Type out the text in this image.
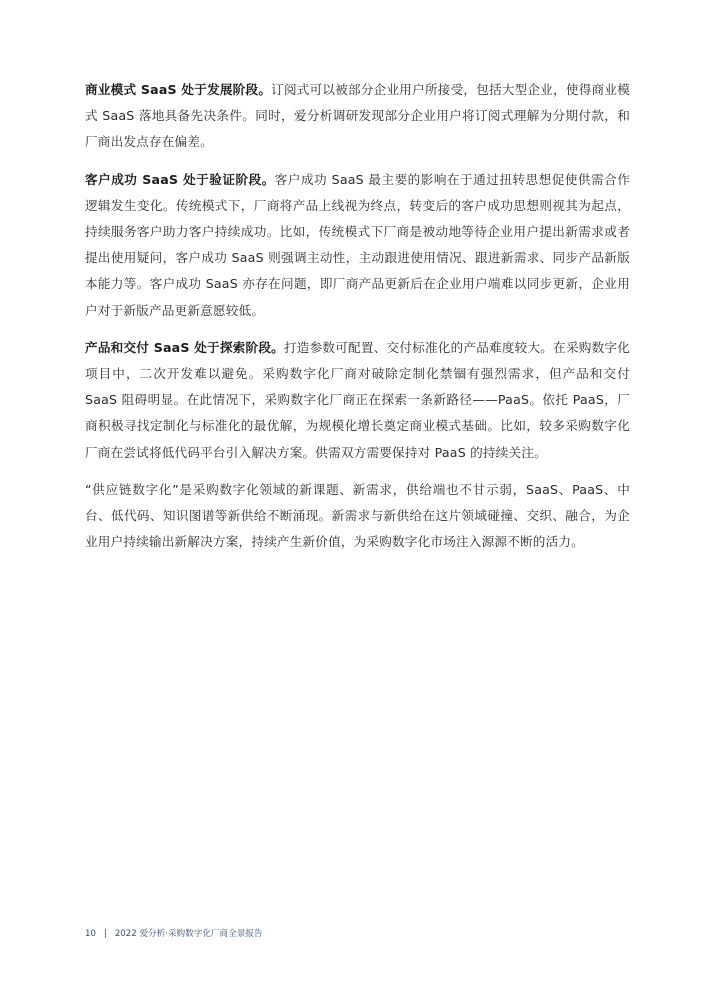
商业模式 SaaS 处于发展阶段。订阅式可以被部分企业用户所接受，包括大型企业，使得商业模式 SaaS 落地具备先决条件。同时，爱分析调研发现部分企业用户将订阅式理解为分期付款，和厂商出发点存在偏差。

客户成功 SaaS 处于验证阶段。客户成功 SaaS 最主要的影响在于通过扭转思想促使供需合作逻辑发生变化。传统模式下，厂商将产品上线视为终点，转变后的客户成功思想则视其为起点，持续服务客户助力客户持续成功。比如，传统模式下厂商是被动地等待企业用户提出新需求或者提出使用疑问，客户成功 SaaS 则强调主动性，主动跟进使用情况、跟进新需求、同步产品新版本能力等。客户成功 SaaS 亦存在问题，即厂商产品更新后在企业用户端难以同步更新，企业用户对于新版产品更新意愿较低。

产品和交付 SaaS 处于探索阶段。打造参数可配置、交付标准化的产品难度较大。在采购数字化项目中，二次开发难以避免。采购数字化厂商对破除定制化禁锢有强烈需求，但产品和交付 SaaS 阻碍明显。在此情况下，采购数字化厂商正在探索一条新路径——PaaS。依托 PaaS，厂商积极寻找定制化与标准化的最优解，为规模化增长奠定商业模式基础。比如，较多采购数字化厂商在尝试将低代码平台引入解决方案。供需双方需要保持对 PaaS 的持续关注。

“供应链数字化”是采购数字化领域的新课题、新需求，供给端也不甘示弱，SaaS、PaaS、中台、低代码、知识图谱等新供给不断涌现。新需求与新供给在这片领域碰撞、交织、融合，为企业用户持续输出新解决方案，持续产生新价值，为采购数字化市场注入源源不断的活力。

10 | 2022 爱分析·采购数字化厂商全景报告
